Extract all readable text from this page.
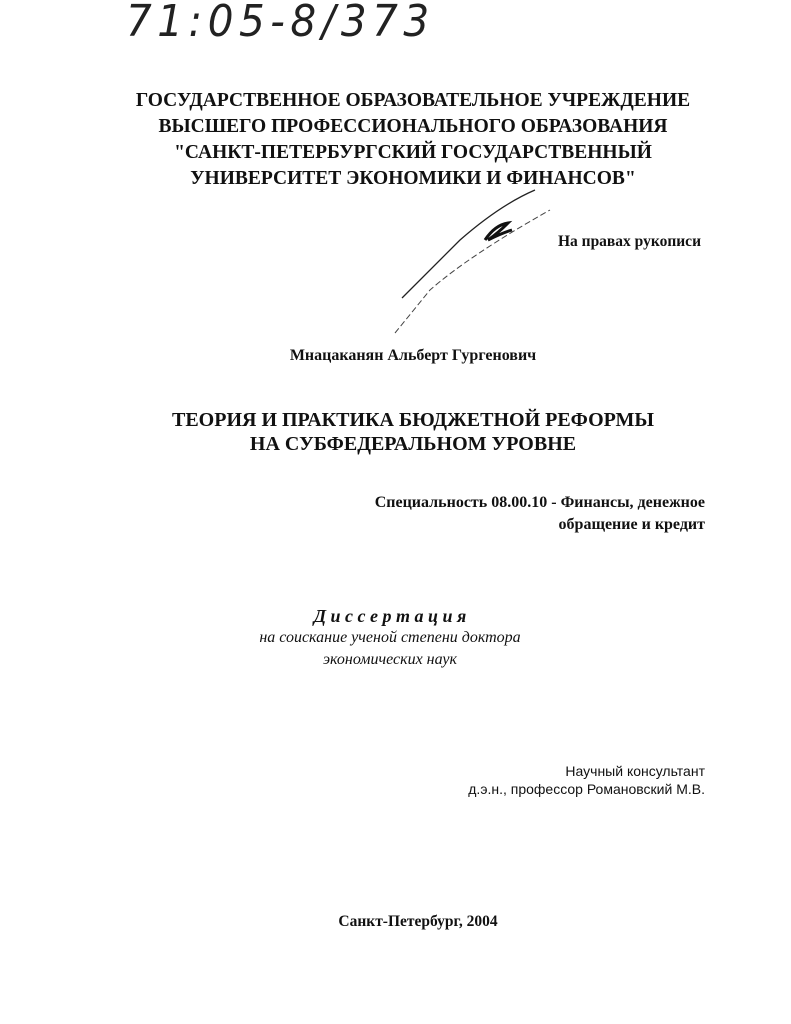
71:05-8/373
ГОСУДАРСТВЕННОЕ ОБРАЗОВАТЕЛЬНОЕ УЧРЕЖДЕНИЕ
ВЫСШЕГО ПРОФЕССИОНАЛЬНОГО ОБРАЗОВАНИЯ
"САНКТ-ПЕТЕРБУРГСКИЙ ГОСУДАРСТВЕННЫЙ
УНИВЕРСИТЕТ ЭКОНОМИКИ И ФИНАНСОВ"
На правах рукописи
Мнацаканян Альберт Гургенович
ТЕОРИЯ И ПРАКТИКА БЮДЖЕТНОЙ РЕФОРМЫ
НА СУБФЕДЕРАЛЬНОМ УРОВНЕ
Специальность 08.00.10 - Финансы, денежное
обращение и кредит
Д и с с е р т а ц и я
на соискание ученой степени доктора
экономических наук
Научный консультант
д.э.н., профессор Романовский М.В.
Санкт-Петербург, 2004
